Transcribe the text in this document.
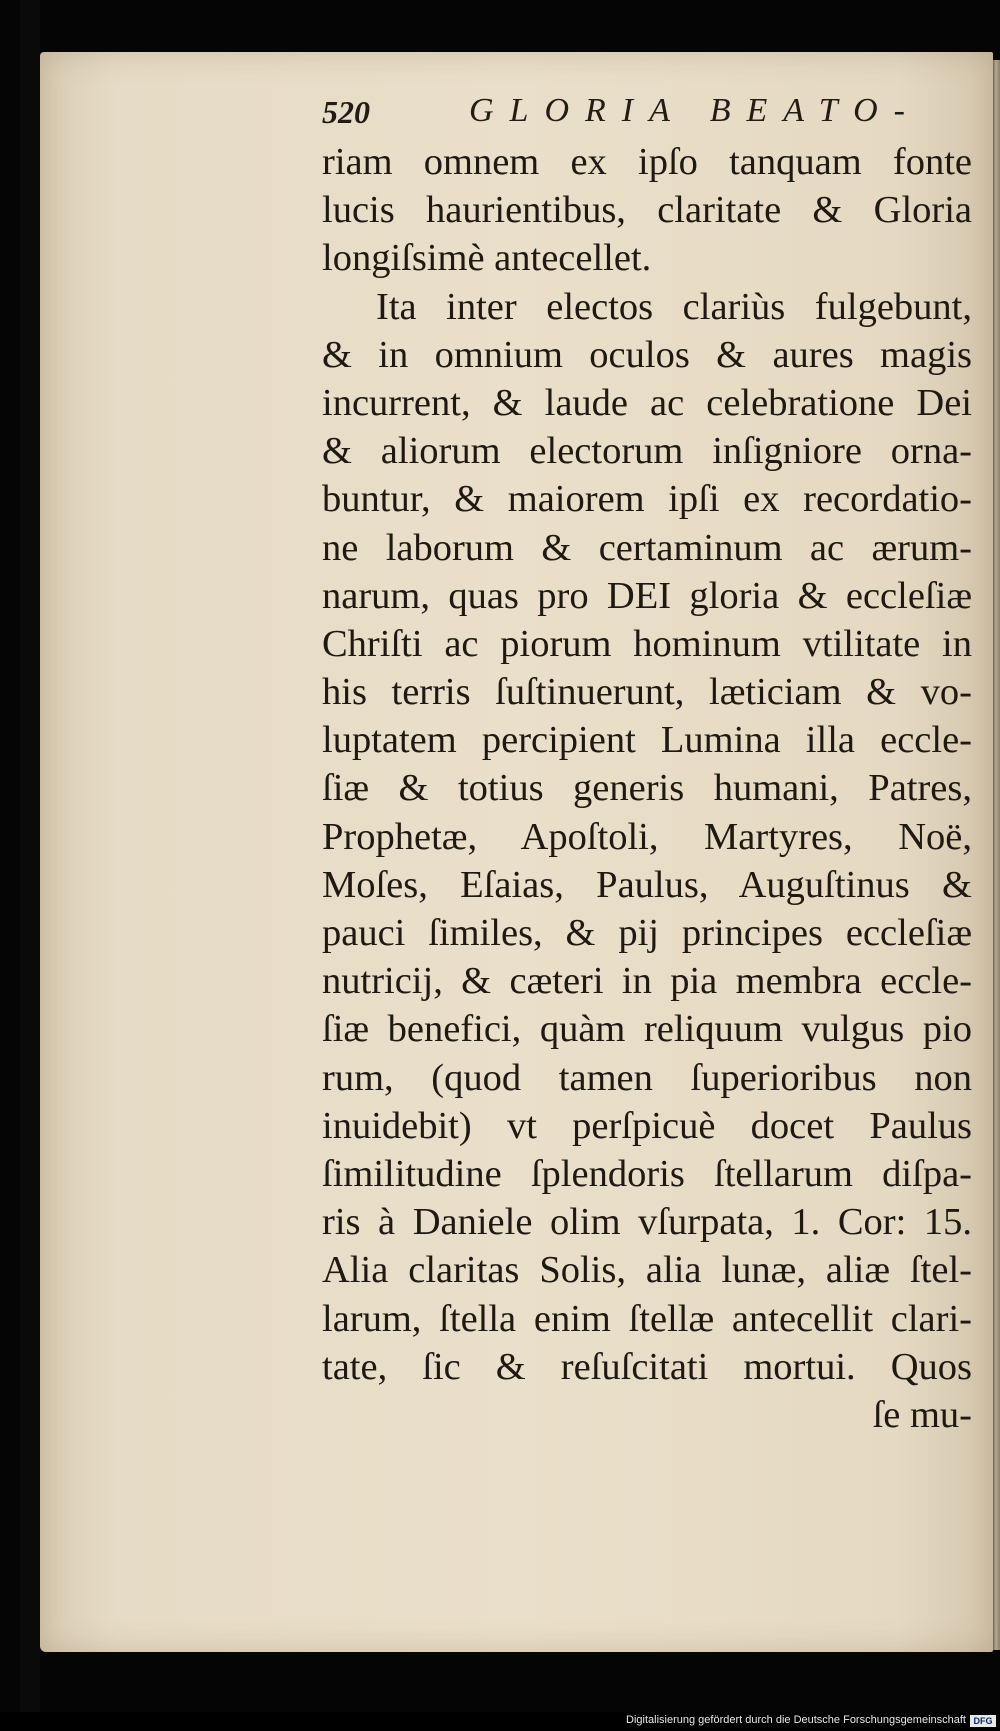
520	GLORIA BEATO-
riam omnem ex ipſo tanquam fonte
lucis haurientibus, claritate & Gloria
longiſsimè antecellet.
Ita inter electos clariùs fulgebunt,
& in omnium oculos & aures magis
incurrent, & laude ac celebratione Dei
& aliorum electorum inſigniore orna-
buntur, & maiorem ipſi ex recordatio-
ne laborum & certaminum ac ærum-
narum, quas pro DEI gloria & eccleſiæ
Chriſti ac piorum hominum vtilitate in
his terris ſuſtinuerunt, læticiam & vo-
luptatem percipient Lumina illa eccle-
ſiæ & totius generis humani, Patres,
Prophetæ, Apoſtoli, Martyres, Noë,
Moſes, Eſaias, Paulus, Auguſtinus &
pauci ſimiles, & pij principes eccleſiæ
nutricij, & cæteri in pia membra eccle-
ſiæ benefici, quàm reliquum vulgus pio
rum, (quod tamen ſuperioribus non
inuidebit) vt perſpicuè docet Paulus
ſimilitudine ſplendoris ſtellarum diſpa-
ris à Daniele olim vſurpata, 1. Cor: 15.
Alia claritas Solis, alia lunæ, aliæ ſtel-
larum, ſtella enim ſtellæ antecellit clari-
tate, ſic & reſuſcitati mortui. Quos
ſe mu-
Digitalisierung gefördert durch die Deutsche Forschungsgemeinschaft DFG
